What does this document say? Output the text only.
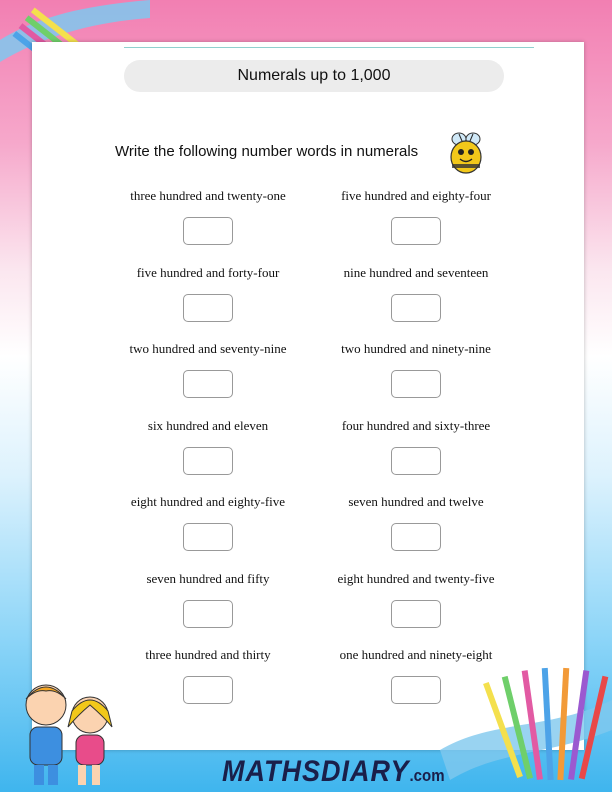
Numerals up to 1,000
Write the following number words in numerals
three hundred and twenty-one	five hundred and eighty-four
five hundred and forty-four	nine hundred and seventeen
two hundred and seventy-nine	two hundred and ninety-nine
six hundred and eleven	four hundred and sixty-three
eight hundred and eighty-five	seven hundred and twelve
seven hundred and fifty	eight hundred and twenty-five
three hundred and thirty	one hundred and ninety-eight
MATHSDIARY.com
